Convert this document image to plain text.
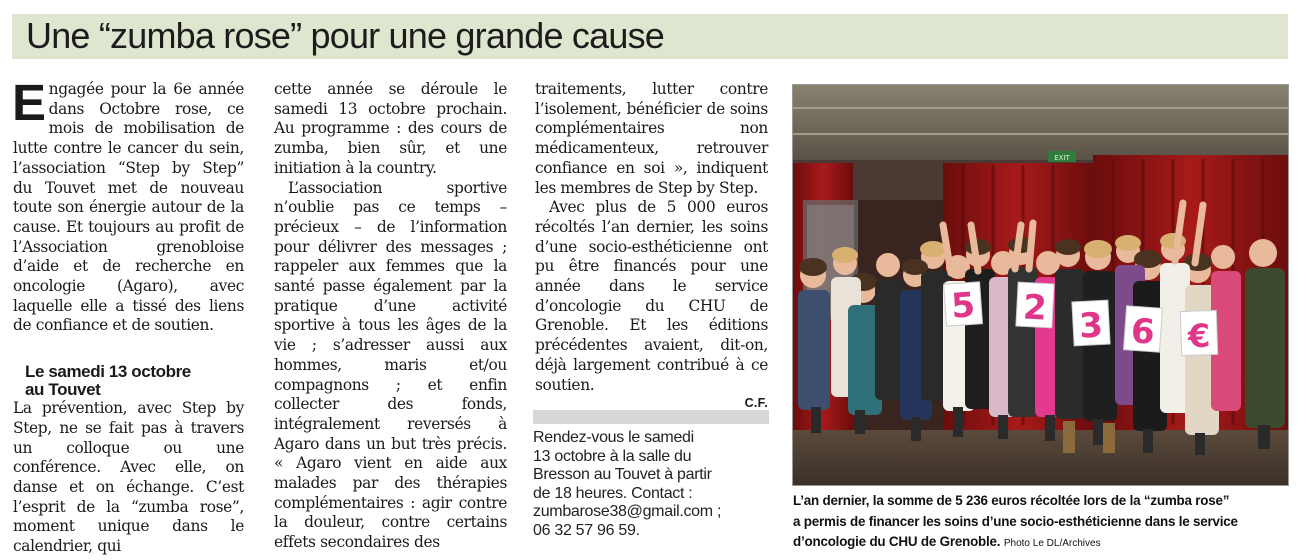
Une “zumba rose” pour une grande cause

Engagée pour la 6e année dans Octobre rose, ce mois de mobilisation de lutte contre le cancer du sein, l’association “Step by Step” du Touvet met de nouveau toute son énergie autour de la cause. Et toujours au profit de l’Association grenobloise d’aide et de recherche en oncologie (Agaro), avec laquelle elle a tissé des liens de confiance et de soutien.

Le samedi 13 octobre
au Touvet

La prévention, avec Step by Step, ne se fait pas à travers un colloque ou une conférence. Avec elle, on danse et on échange. C’est l’esprit de la “zumba rose”, moment unique dans le calendrier, qui

cette année se déroule le samedi 13 octobre prochain. Au programme : des cours de zumba, bien sûr, et une initiation à la country.

L’association sportive n’oublie pas ce temps – précieux – de l’information pour délivrer des messages ; rappeler aux femmes que la santé passe également par la pratique d’une activité sportive à tous les âges de la vie ; s’adresser aussi aux hommes, maris et/ou compagnons ; et enfin collecter des fonds, intégralement reversés à Agaro dans un but très précis. « Agaro vient en aide aux malades par des thérapies complémentaires : agir contre la douleur, contre certains effets secondaires des

traitements, lutter contre l’isolement, bénéficier de soins complémentaires non médicamenteux, retrouver confiance en soi », indiquent les membres de Step by Step.

Avec plus de 5 000 euros récoltés l’an dernier, les soins d’une socio-esthéticienne ont pu être financés pour une année dans le service d’oncologie du CHU de Grenoble. Et les éditions précédentes avaient, dit-on, déjà largement contribué à ce soutien.

C.F.
Rendez-vous le samedi
13 octobre à la salle du
Bresson au Touvet à partir
de 18 heures. Contact :
zumbarose38@gmail.com ;
06 32 57 96 59.
EXIT
5 2 3 6 €
L’an dernier, la somme de 5 236 euros récoltée lors de la “zumba rose”
a permis de financer les soins d’une socio-esthéticienne dans le service
d’oncologie du CHU de Grenoble. Photo Le DL/Archives
